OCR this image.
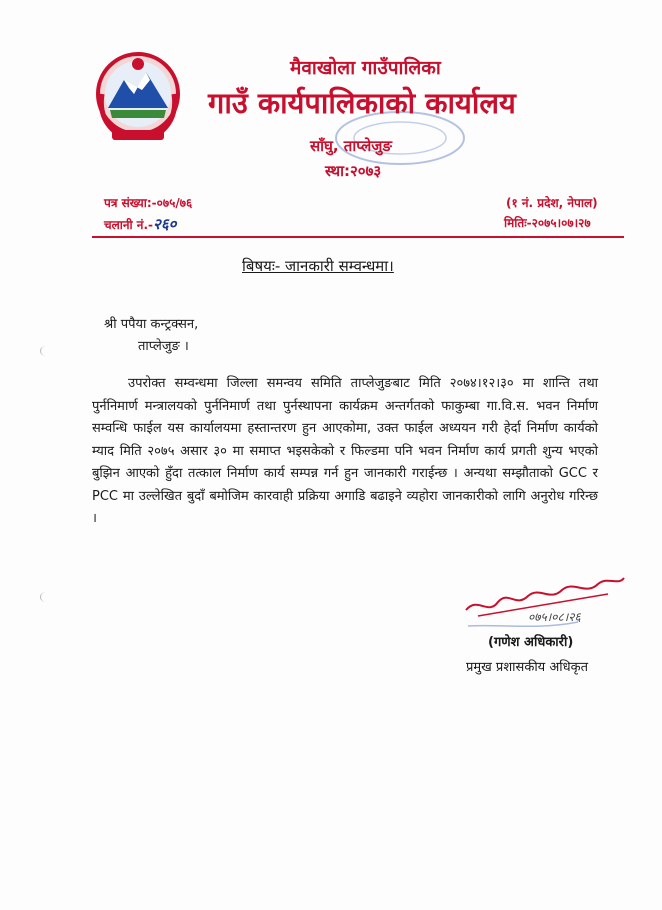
मैवाखोला गाउँपालिका
गाउँ कार्यपालिकाको कार्यालय
साँघु, ताप्लेजुङ
स्था:२०७३
पत्र संख्या:-०७५/७६
चलानी नं.-२६०
(१ नं. प्रदेश, नेपाल)
मितिः-२०७५।०७।२७
बिषयः- जानकारी सम्वन्धमा।
श्री पपैया कन्ट्रक्सन,
ताप्लेजुङ ।

उपरोक्त सम्वन्धमा जिल्ला समन्वय समिति ताप्लेजुङबाट मिति २०७४।१२।३० मा शान्ति तथा पुर्ननिमार्ण मन्त्रालयको पुर्ननिमार्ण तथा पुर्नस्थापना कार्यक्रम अन्तर्गतको फाकुम्बा गा.वि.स. भवन निर्माण सम्वन्धि फाईल यस कार्यालयमा हस्तान्तरण हुन आएकोमा, उक्त फाईल अध्ययन गरी हेर्दा निर्माण कार्यको म्याद मिति २०७५ असार ३० मा समाप्त भइसकेको र फिल्डमा पनि भवन निर्माण कार्य प्रगती शुन्य भएको बुझिन आएको हुँदा तत्काल निर्माण कार्य सम्पन्न गर्न हुन जानकारी गराईन्छ । अन्यथा सम्झौताको GCC र PCC मा उल्लेखित बुदाँ बमोजिम कारवाही प्रक्रिया अगाडि बढाइने व्यहोरा जानकारीको लागि अनुरोध गरिन्छ ।

०७५।०८।२६
(गणेश अधिकारी)
प्रमुख प्रशासकीय अधिकृत
